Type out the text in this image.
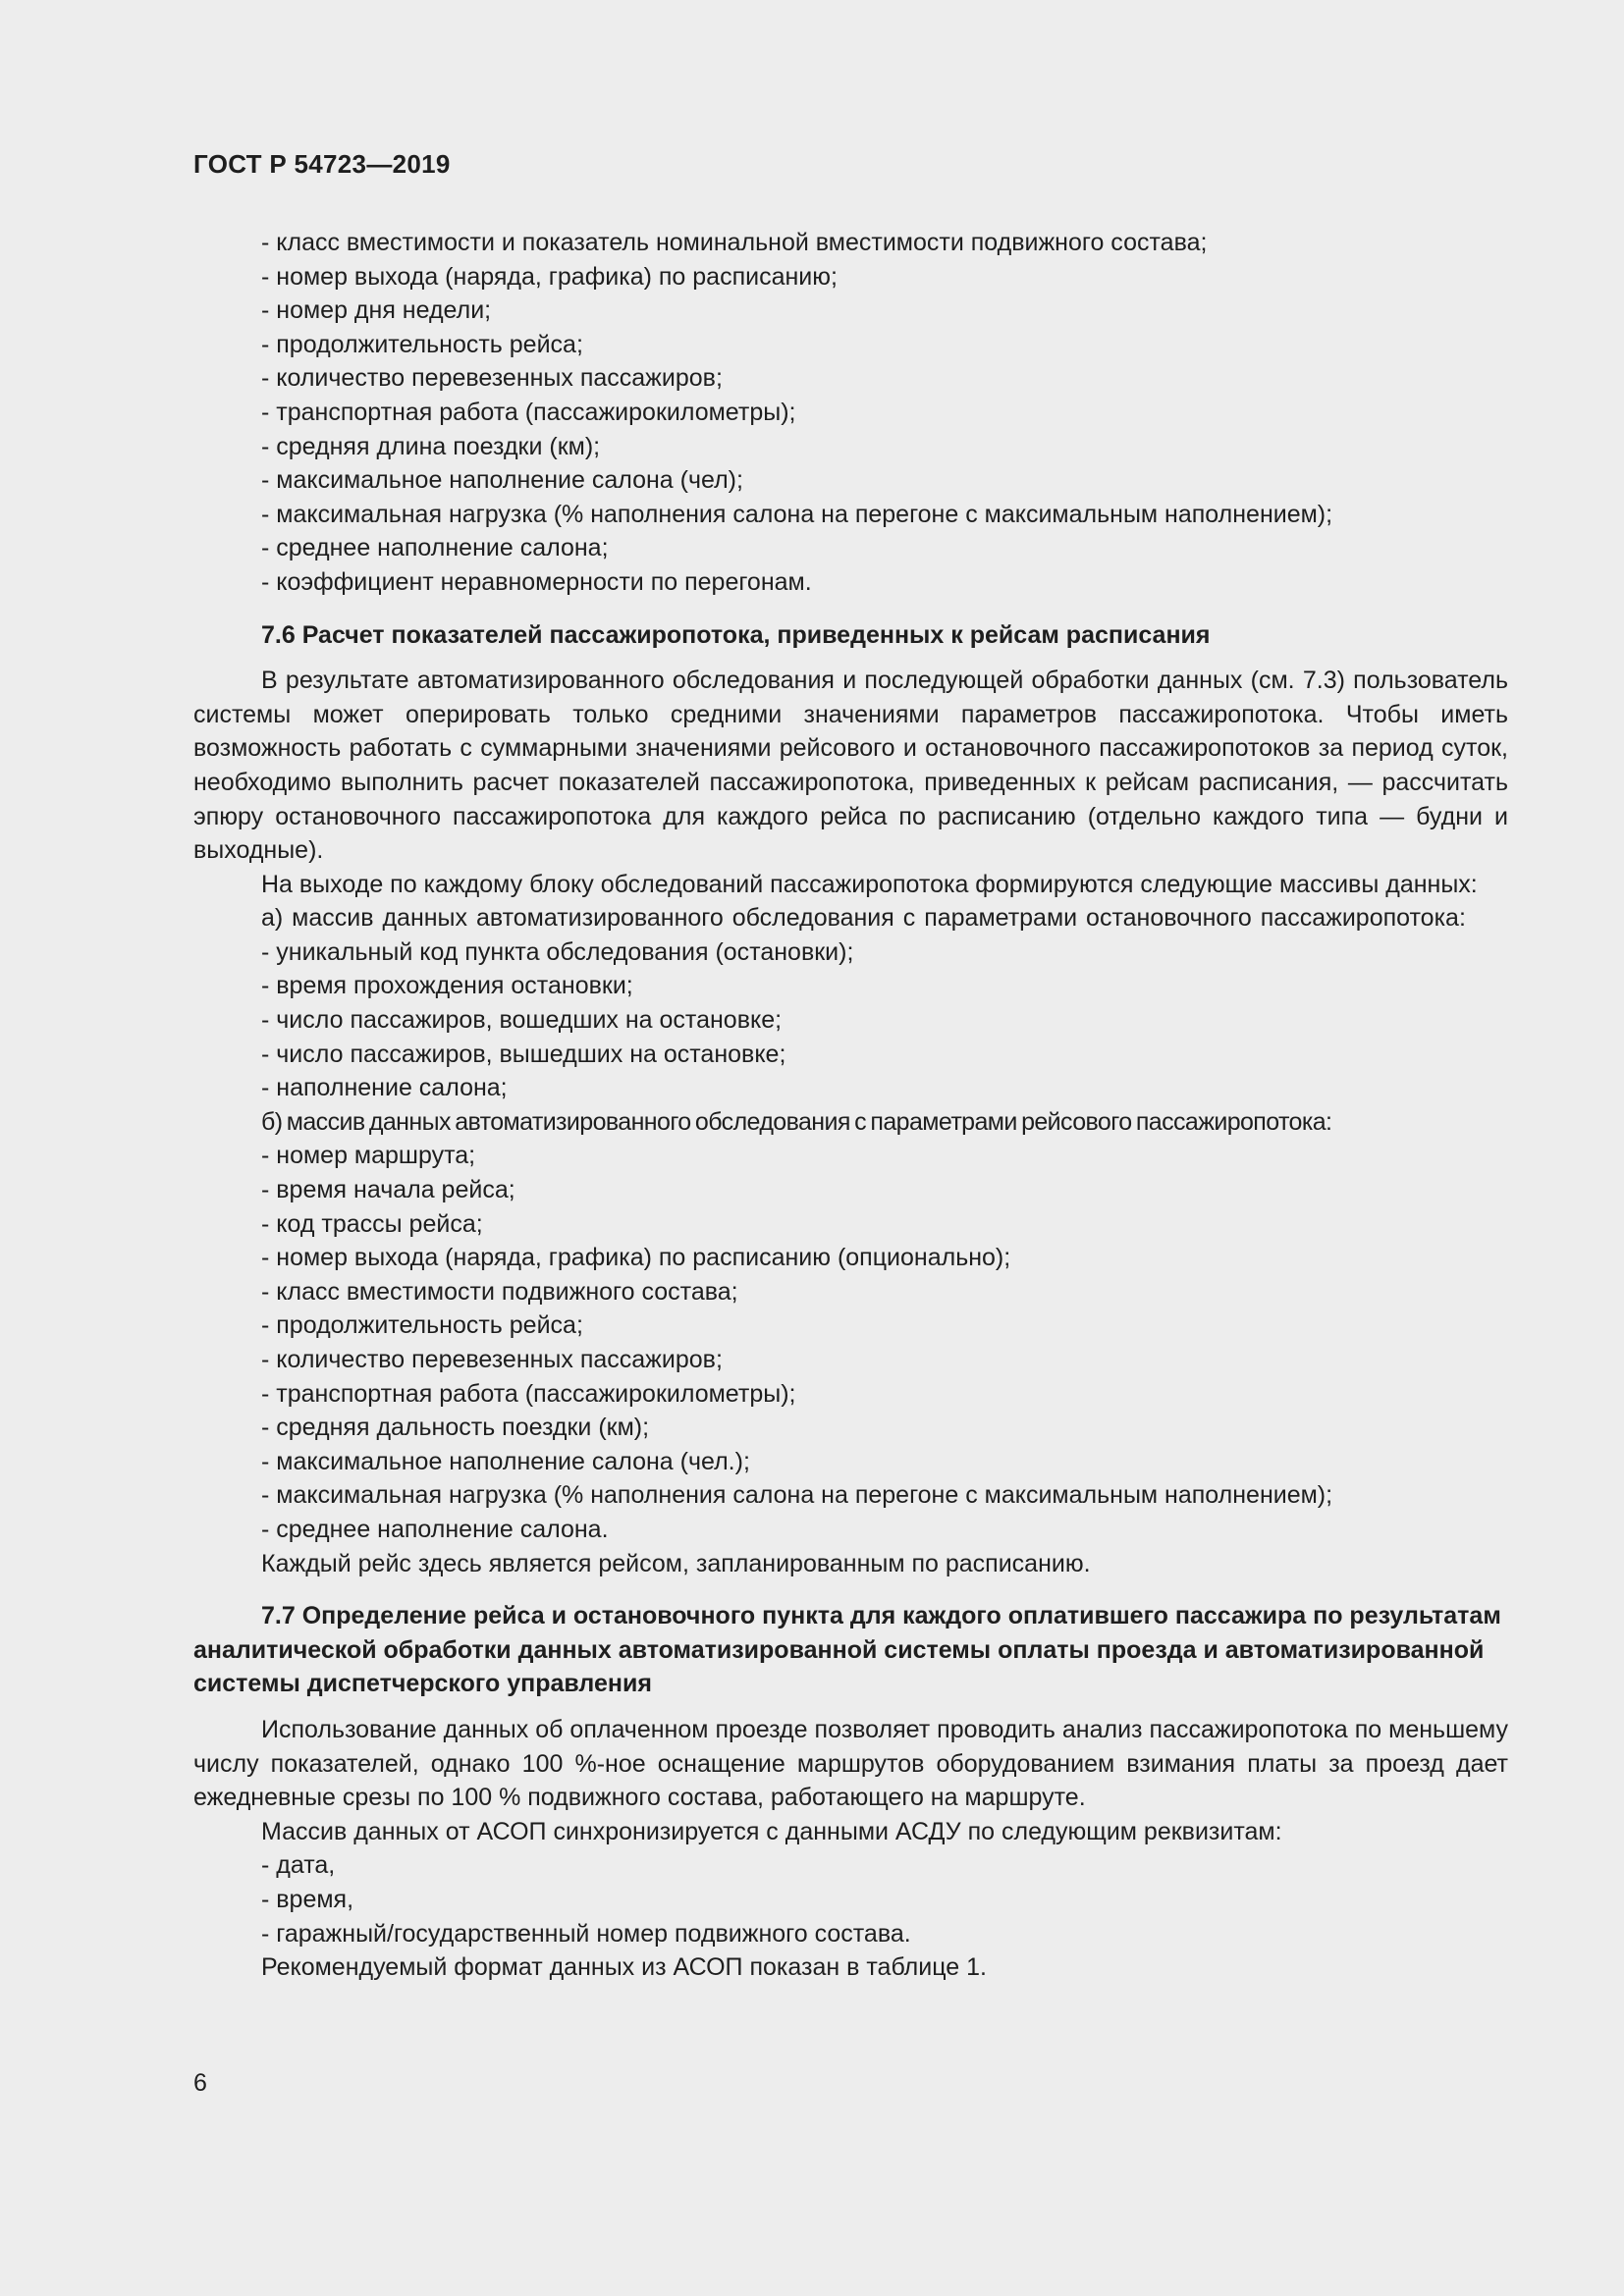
ГОСТ Р 54723—2019

- класс вместимости и показатель номинальной вместимости подвижного состава;

- номер выхода (наряда, графика) по расписанию;

- номер дня недели;

- продолжительность рейса;

- количество перевезенных пассажиров;

- транспортная работа (пассажирокилометры);

- средняя длина поездки (км);

- максимальное наполнение салона (чел);

- максимальная нагрузка (% наполнения салона на перегоне с максимальным наполнением);

- среднее наполнение салона;

- коэффициент неравномерности по перегонам.

7.6 Расчет показателей пассажиропотока, приведенных к рейсам расписания

В результате автоматизированного обследования и последующей обработки данных (см. 7.3) пользователь системы может оперировать только средними значениями параметров пассажиропотока. Чтобы иметь возможность работать с суммарными значениями рейсового и остановочного пассажиропотоков за период суток, необходимо выполнить расчет показателей пассажиропотока, приведенных к рейсам расписания, — рассчитать эпюру остановочного пассажиропотока для каждого рейса по расписанию (отдельно каждого типа — будни и выходные).

На выходе по каждому блоку обследований пассажиропотока формируются следующие массивы данных:

а) массив данных автоматизированного обследования с параметрами остановочного пассажиропотока:

- уникальный код пункта обследования (остановки);

- время прохождения остановки;

- число пассажиров, вошедших на остановке;

- число пассажиров, вышедших на остановке;

- наполнение салона;

б) массив данных автоматизированного обследования с параметрами рейсового пассажиропотока:

- номер маршрута;

- время начала рейса;

- код трассы рейса;

- номер выхода (наряда, графика) по расписанию (опционально);

- класс вместимости подвижного состава;

- продолжительность рейса;

- количество перевезенных пассажиров;

- транспортная работа (пассажирокилометры);

- средняя дальность поездки (км);

- максимальное наполнение салона (чел.);

- максимальная нагрузка (% наполнения салона на перегоне с максимальным наполнением);

- среднее наполнение салона.

Каждый рейс здесь является рейсом, запланированным по расписанию.

7.7 Определение рейса и остановочного пункта для каждого оплатившего пассажира по результатам аналитической обработки данных автоматизированной системы оплаты проезда и автоматизированной системы диспетчерского управления

Использование данных об оплаченном проезде позволяет проводить анализ пассажиропотока по меньшему числу показателей, однако 100 %-ное оснащение маршрутов оборудованием взимания платы за проезд дает ежедневные срезы по 100 % подвижного состава, работающего на маршруте.

Массив данных от АСОП синхронизируется с данными АСДУ по следующим реквизитам:

- дата,

- время,

- гаражный/государственный номер подвижного состава.

Рекомендуемый формат данных из АСОП показан в таблице 1.

6
